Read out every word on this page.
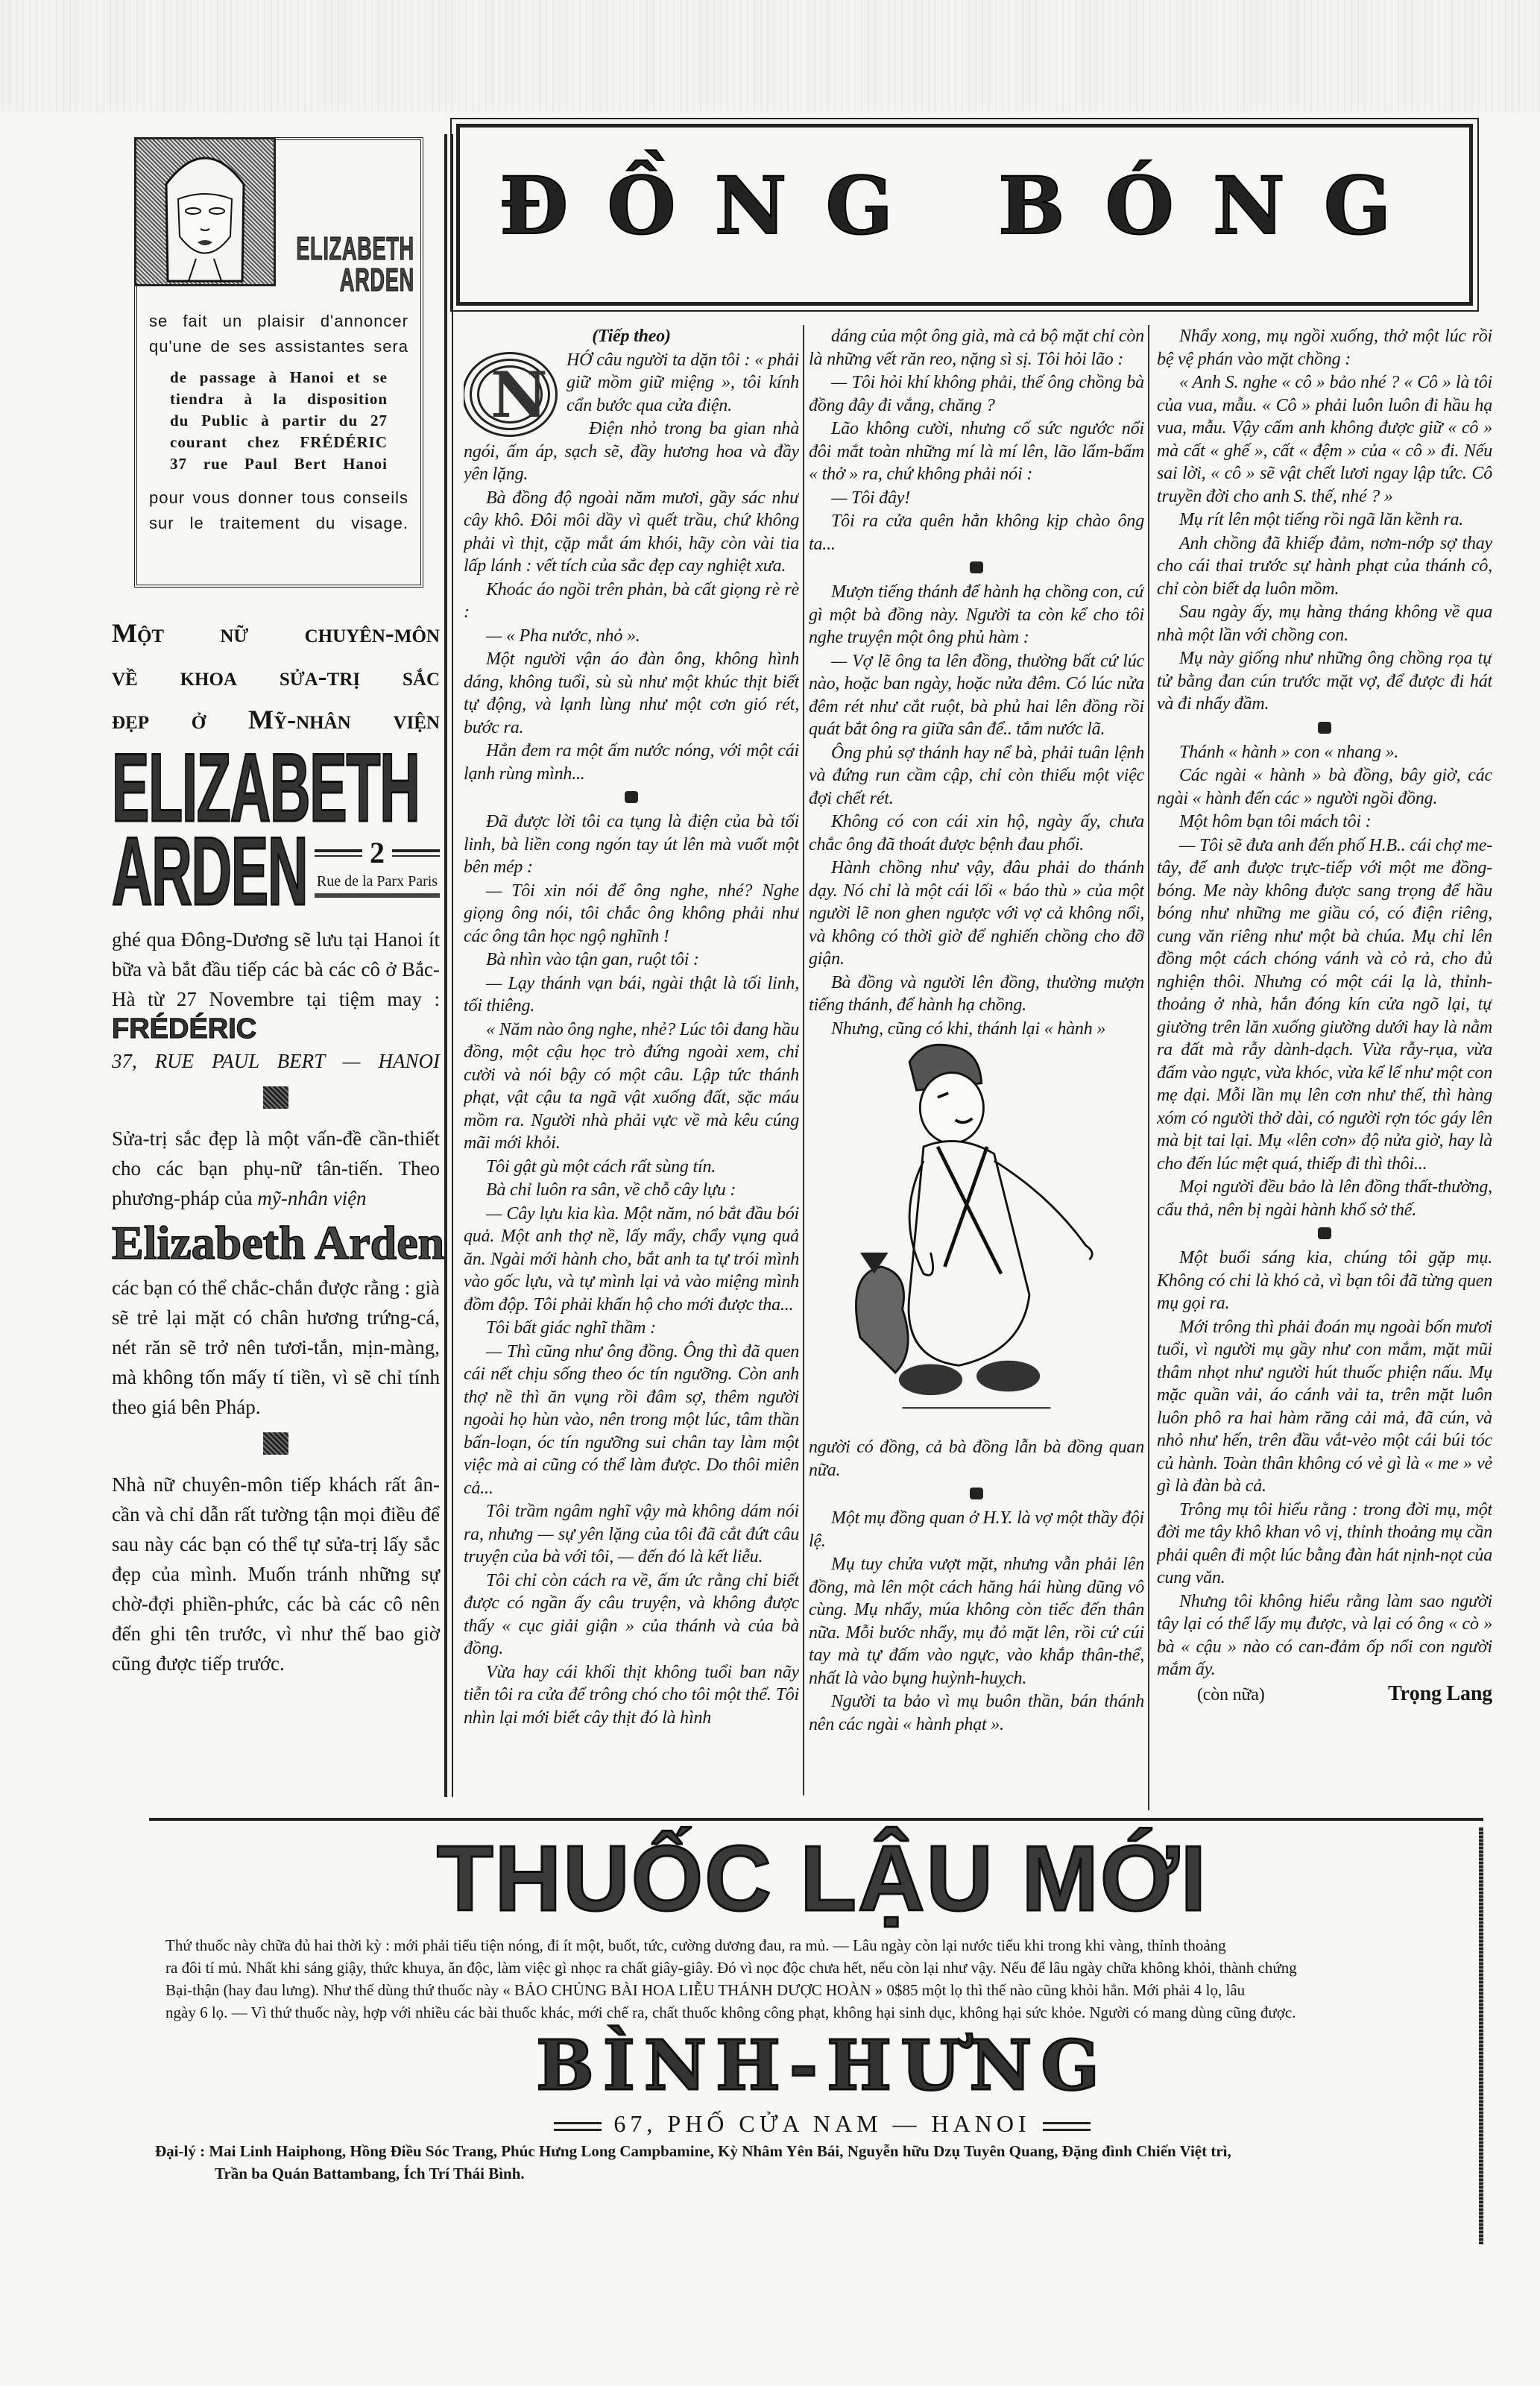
ELIZABETH
ARDEN
se fait un plaisir d'annoncer
qu'une de ses assistantes sera
de passage à Hanoi et se
tiendra à la disposition
du Public à partir du 27
courant chez FRÉDÉRIC
37 rue Paul Bert Hanoi
pour vous donner tous conseils
sur le traitement du visage.
Một nữ chuyên-môn
về khoa sửa-trị sắc
đẹp ở Mỹ-nhân viện
ELIZABETH
ARDEN	2
Rue de la Parx Paris
ghé qua Đông-Dương sẽ lưu tại Hanoi ít bữa và bắt đầu tiếp các bà các cô ở Bắc-Hà từ 27 Novembre tại tiệm may : FRÉDÉRIC
37, RUE PAUL BERT — HANOI
Sửa-trị sắc đẹp là một vấn-đề cần-thiết cho các bạn phụ-nữ tân-tiến. Theo phương-pháp của mỹ-nhân viện
Elizabeth Arden
các bạn có thể chắc-chắn được rằng : già sẽ trẻ lại mặt có chân hương trứng-cá, nét răn sẽ trở nên tươi-tắn, mịn-màng, mà không tốn mấy tí tiền, vì sẽ chỉ tính theo giá bên Pháp.
Nhà nữ chuyên-môn tiếp khách rất ân-cần và chỉ dẫn rất tường tận mọi điều để sau này các bạn có thể tự sửa-trị lấy sắc đẹp của mình. Muốn tránh những sự chờ-đợi phiền-phức, các bà các cô nên đến ghi tên trước, vì như thế bao giờ cũng được tiếp trước.
ĐỒNG BÓNG

(Tiếp theo)

N	HỚ câu người ta dặn tôi : « phải giữ mồm giữ miệng », tôi kính cẩn bước qua cửa điện.

Điện nhỏ trong ba gian nhà ngói, ấm áp, sạch sẽ, đầy hương hoa và đầy yên lặng.

Bà đồng độ ngoài năm mươi, gầy sác như cây khô. Đôi môi dầy vì quết trầu, chứ không phải vì thịt, cặp mắt ám khói, hãy còn vài tia lấp lánh : vết tích của sắc đẹp cay nghiệt xưa.

Khoác áo ngồi trên phản, bà cất giọng rè rè :

— « Pha nước, nhỏ ».

Một người vận áo đàn ông, không hình dáng, không tuổi, sù sù như một khúc thịt biết tự động, và lạnh lùng như một cơn gió rét, bước ra.

Hắn đem ra một ấm nước nóng, với một cái lạnh rùng mình...

Đã được lời tôi ca tụng là điện của bà tối linh, bà liền cong ngón tay út lên mà vuốt một bên mép :

— Tôi xin nói để ông nghe, nhé? Nghe giọng ông nói, tôi chắc ông không phải như các ông tân học ngộ nghĩnh !

Bà nhìn vào tận gan, ruột tôi :

— Lạy thánh vạn bái, ngài thật là tối linh, tối thiêng.

« Năm nào ông nghe, nhẻ? Lúc tôi đang hầu đồng, một cậu học trò đứng ngoài xem, chỉ cười và nói bậy có một câu. Lập tức thánh phạt, vật cậu ta ngã vật xuống đất, sặc máu mồm ra. Người nhà phải vực về mà kêu cúng mãi mới khỏi.

Tôi gật gù một cách rất sùng tín.

Bà chỉ luôn ra sân, về chỗ cây lựu :

— Cây lựu kia kìa. Một năm, nó bắt đầu bói quả. Một anh thợ nề, lấy mẩy, chẩy vụng quả ăn. Ngài mới hành cho, bắt anh ta tự trói mình vào gốc lựu, và tự mình lại vả vào miệng mình đồm độp. Tôi phải khấn hộ cho mới được tha...

Tôi bất giác nghĩ thầm :

— Thì cũng như ông đồng. Ông thì đã quen cái nết chịu sống theo óc tín ngưỡng. Còn anh thợ nề thì ăn vụng rồi đâm sợ, thêm người ngoài họ hùn vào, nên trong một lúc, tâm thần bấn-loạn, óc tín ngưỡng sui chân tay làm một việc mà ai cũng có thể làm được. Do thôi miên cả...

Tôi trầm ngâm nghĩ vậy mà không dám nói ra, nhưng — sự yên lặng của tôi đã cắt đứt câu truyện của bà với tôi, — đến đó là kết liễu.

Tôi chỉ còn cách ra về, ấm ức rằng chỉ biết được có ngần ấy câu truyện, và không được thấy « cục giải giận » của thánh và của bà đồng.

Vừa hay cái khối thịt không tuổi ban nãy tiễn tôi ra cửa để trông chó cho tôi một thể. Tôi nhìn lại mới biết cây thịt đó là hình

dáng của một ông già, mà cả bộ mặt chỉ còn là những vết răn reo, nặng sì sị. Tôi hỏi lão :

— Tôi hỏi khí không phải, thế ông chồng bà đồng đây đi vắng, chăng ?

Lão không cười, nhưng cố sức ngước nổi đôi mắt toàn những mí là mí lên, lão lẩm-bẩm « thở » ra, chứ không phải nói :

— Tôi đây!

Tôi ra cửa quên hẳn không kịp chào ông ta...

Mượn tiếng thánh để hành hạ chồng con, cứ gì một bà đồng này. Người ta còn kể cho tôi nghe truyện một ông phủ hàm :

— Vợ lẽ ông ta lên đồng, thường bất cứ lúc nào, hoặc ban ngày, hoặc nửa đêm. Có lúc nửa đêm rét như cắt ruột, bà phủ hai lên đồng rồi quát bắt ông ra giữa sân để.. tắm nước lã.

Ông phủ sợ thánh hay nể bà, phải tuân lệnh và đứng run cầm cập, chỉ còn thiếu một việc đợi chết rét.

Không có con cái xin hộ, ngày ấy, chưa chắc ông đã thoát được bệnh đau phổi.

Hành chồng như vậy, đâu phải do thánh dạy. Nó chỉ là một cái lối « báo thù » của một người lẽ non ghen ngược với vợ cả không nổi, và không có thời giờ để nghiến chồng cho đỡ giận.

Bà đồng và người lên đồng, thường mượn tiếng thánh, để hành hạ chồng.

Nhưng, cũng có khi, thánh lại « hành »

người có đồng, cả bà đồng lẫn bà đồng quan nữa.

Một mụ đồng quan ở H.Y. là vợ một thầy đội lệ.

Mụ tuy chửa vượt mặt, nhưng vẫn phải lên đồng, mà lên một cách hăng hái hùng dũng vô cùng. Mụ nhẩy, múa không còn tiếc đến thân nữa. Mỗi bước nhẩy, mụ đỏ mặt lên, rồi cứ cúi tay mà tự đấm vào ngực, vào khắp thân-thể, nhất là vào bụng huỳnh-huỵch.

Người ta bảo vì mụ buôn thần, bán thánh nên các ngài « hành phạt ».

Nhẩy xong, mụ ngồi xuống, thở một lúc rồi bệ vệ phán vào mặt chồng :

« Anh S. nghe « cô » bảo nhé ? « Cô » là tôi của vua, mẫu. « Cô » phải luôn luôn đi hầu hạ vua, mẫu. Vậy cấm anh không được giữ « cô » mà cất « ghế », cất « đệm » của « cô » đi. Nếu sai lời, « cô » sẽ vật chết lươi ngay lập tức. Cô truyền đời cho anh S. thế, nhé ? »

Mụ rít lên một tiếng rồi ngã lăn kềnh ra.

Anh chồng đã khiếp đảm, nơm-nớp sợ thay cho cái thai trước sự hành phạt của thánh cô, chỉ còn biết dạ luôn mồm.

Sau ngày ấy, mụ hàng tháng không về qua nhà một lần với chồng con.

Mụ này giống như những ông chồng rọa tự tử bằng đan cún trước mặt vợ, để được đi hát và đi nhẩy đầm.

Thánh « hành » con « nhang ».

Các ngài « hành » bà đồng, bây giờ, các ngài « hành đến các » người ngồi đồng.

Một hôm bạn tôi mách tôi :

— Tôi sẽ đưa anh đến phố H.B.. cái chợ me-tây, để anh được trực-tiếp với một me đồng-bóng. Me này không được sang trọng để hầu bóng như những me giầu có, có điện riêng, cung văn riêng như một bà chúa. Mụ chỉ lên đồng một cách chóng vánh và cỏ rả, cho đủ nghiện thôi. Nhưng có một cái lạ là, thỉnh-thoảng ở nhà, hắn đóng kín cửa ngõ lại, tự giường trên lăn xuống giường dưới hay là nằm ra đất mà rẫy dành-dạch. Vừa rẫy-rụa, vừa đấm vào ngực, vừa khóc, vừa kể lể như một con mẹ dại. Mỗi lần mụ lên cơn như thế, thì hàng xóm có người thở dài, có người rợn tóc gáy lên mà bịt tai lại. Mụ «lên cơn» độ nửa giờ, hay là cho đến lúc mệt quá, thiếp đi thì thôi...

Mọi người đều bảo là lên đồng thất-thường, cẩu thả, nên bị ngài hành khổ sở thế.

Một buổi sáng kia, chúng tôi gặp mụ. Không có chi là khó cả, vì bạn tôi đã từng quen mụ gọi ra.

Mới trông thì phải đoán mụ ngoài bốn mươi tuổi, vì người mụ gầy như con mắm, mặt mũi thâm nhọt như người hút thuốc phiện nấu. Mụ mặc quần vải, áo cánh vải ta, trên mặt luôn luôn phô ra hai hàm răng cải mả, đã cún, và nhỏ như hến, trên đầu vắt-vẻo một cái búi tóc củ hành. Toàn thân không có vẻ gì là « me » vẻ gì là đàn bà cả.

Trông mụ tôi hiểu rằng : trong đời mụ, một đời me tây khô khan vô vị, thỉnh thoảng mụ cần phải quên đi một lúc bằng đàn hát nịnh-nọt của cung văn.

Nhưng tôi không hiểu rằng làm sao người tây lại có thể lấy mụ được, và lại có ông « cò » bà « cậu » nào có can-đảm ốp nổi con người mắm ấy.

(còn nữa)	Trọng Lang
THUỐC LẬU MỚI
Thứ thuốc này chữa đủ hai thời kỳ : mới phải tiểu tiện nóng, đi ít một, buốt, tức, cường dương đau, ra mủ. — Lâu ngày còn lại nước tiểu khi trong khi vàng, thỉnh thoảng
ra đôi tí mủ. Nhất khi sáng giậy, thức khuya, ăn độc, làm việc gì nhọc ra chất giây-giây. Đó vì nọc độc chưa hết, nếu còn lại như vậy. Nếu để lâu ngày chữa không khỏi, thành chứng
Bại-thận (hay đau lưng). Như thế dùng thứ thuốc này « BẢO CHỦNG BÀI HOA LIỄU THÁNH DƯỢC HOÀN » 0$85 một lọ thì thế nào cũng khỏi hẳn. Mới phải 4 lọ, lâu
ngày 6 lọ. — Vì thứ thuốc này, hợp với nhiều các bài thuốc khác, mới chế ra, chất thuốc không công phạt, không hại sinh dục, không hại sức khỏe. Người có mang dùng cũng được.
BÌNH-HƯNG
67, PHỐ CỬA NAM — HANOI
Đại-lý : Mai Linh Haiphong, Hồng Điều Sóc Trang, Phúc Hưng Long Campbamine, Kỳ Nhâm Yên Bái, Nguyễn hữu Dzụ Tuyên Quang, Đặng đình Chiến Việt trì,
Trần ba Quán Battambang, Ích Trí Thái Bình.
